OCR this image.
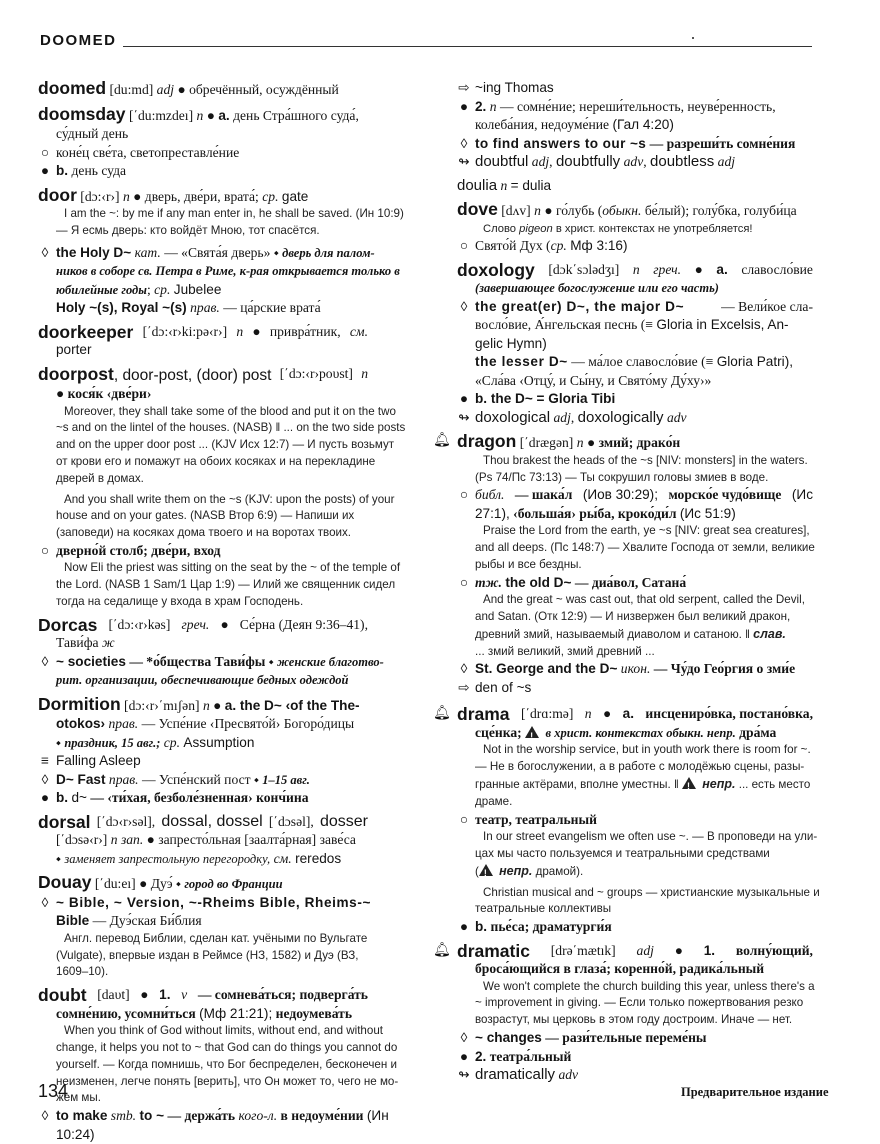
DOOMED
doomed [du:md] adj ● обречённый, осуждённый
doomsday [΄du:mzdeı] n ● a. день Стра́шного суда́,
су́дный день
○ коне́ц све́та, светопреставле́ние
● b. день суда
door [dɔ:‹r›] n ● дверь, две́ри, врата́; ср. gate
I am the ~: by me if any man enter in, he shall be saved. (Ин 10:9)
— Я есмь дверь: кто войдёт Мною, тот спасётся.
◊ the Holy D~ кат. — «Свята́я дверь» ⬩ дверь для палом-
ников в соборе св. Петра в Риме, к-рая открывается только в
юбилейные годы; ср. Jubelee
Holy ~(s), Royal ~(s) прав. — ца́рские врата́
doorkeeper [΄dɔ:‹r›ki:pə‹r›] n ● привра́тник, см.
porter
doorpost, door-post, (door) post [΄dɔ:‹r›poυst] n
● кося́к ‹две́ри›
Moreover, they shall take some of the blood and put it on the two
~s and on the lintel of the houses. (NASB) ‖ ... on the two side posts
and on the upper door post ... (KJV Исх 12:7) — И пусть возьмут
от крови его и помажут на обоих косяках и на перекладине
дверей в домах.
And you shall write them on the ~s (KJV: upon the posts) of your
house and on your gates. (NASB Втор 6:9) — Напиши их
(заповеди) на косяках дома твоего и на воротах твоих.
○ дверно́й столб; две́ри, вход
Now Eli the priest was sitting on the seat by the ~ of the temple of
the Lord. (NASB 1 Sam/1 Цар 1:9) — Илий же священник сидел
тогда на седалище у входа в храм Господень.
Dorcas [΄dɔ:‹r›kəs] греч. ● Се́рна (Деян 9:36–41),
Тави́фа ж
◊ ~ societies — *о́бщества Тави́фы ⬩ женские благотво-
рит. организации, обеспечивающие бедных одеждой
Dormition [dɔ:‹r›΄mıʃən] n ● a. the D~ ‹of the The-
otokos› прав. — Успе́ние ‹Пресвято́й› Богоро́дицы
⬩ праздник, 15 авг.; ср. Assumption
≡ Falling Asleep
◊ D~ Fast прав. — Успе́нский пост ⬩ 1–15 авг.
● b. d~ — ‹ти́хая, безболе́зненная› конч́ина
dorsal [΄dɔ‹r›sәl], dossal, dossel [΄dɔsәl], dosser
[΄dɔsə‹r›] n зап. ● запресто́льная [заалта́рная] заве́са
⬩ заменяет запрестольную перегородку, см. reredos
Douay [΄du:eı] ● Дуэ́ ⬩ город во Франции
◊ ~ Bible, ~ Version, ~-Rheims Bible, Rheims-~
Bible — Дуэ́ская Би́блия
Англ. перевод Библии, сделан кат. учёными по Вульгате
(Vulgate), впервые издан в Реймсе (НЗ, 1582) и Дуэ (ВЗ,
1609–10).
doubt [daυt] ● 1. v — сомнева́ться; подверга́ть
сомне́нию, усомни́ться (Мф 21:21); недоумева́ть
When you think of God without limits, without end, and without
change, it helps you not to ~ that God can do things you cannot do
yourself. — Когда помнишь, что Бог беспределен, бесконечен и
неизменен, легче понять [верить], что Он может то, чего не мо-
жем мы.
◊ to make smb. to ~ — держа́ть кого-л. в недоуме́нии (Ин
10:24)
⇨ ~ing Thomas
● 2. n — сомне́ние; нереши́тельность, неуве́ренность,
колеба́ния, недоуме́ние (Гал 4:20)
◊ to find answers to our ~s — разреши́ть сомне́ния
↬ doubtful adj, doubtfully adv, doubtless adj
doulia n = dulia
dove [dʌv] n ● го́лубь (обыкн. бе́лый); голу́бка, голуби́ца
Слово pigeon в христ. контекстах не употребляется!
○ Свято́й Дух (ср. Мф 3:16)
doxology [dɔk΄sɔlədʒı] n греч. ● a. славосло́вие
(завершающее богослужение или его часть)
◊ the great(er) D~, the major D~	— Вели́кое сла-
восло́вие, А́нгельская песнь (≡ Gloria in Excelsis, An-
gelic Hymn)
the lesser D~ — ма́лое славосло́вие (≡ Gloria Patri),
«Сла́ва ‹Отцу́, и Сы́ну, и Свято́му Ду́ху›»
● b. the D~ = Gloria Tibi
↬ doxological adj, doxologically adv
🔔︎ dragon [΄drægən] n ● змий; драко́н
Thou brakest the heads of the ~s [NIV: monsters] in the waters.
(Ps 74/Пс 73:13) — Ты сокрушил головы змиев в воде.
○ библ. — шака́л (Иов 30:29); морско́е чудо́вище (Ис
27:1), ‹больша́я› ры́ба, кроко́ди́л (Ис 51:9)
Praise the Lord from the earth, ye ~s [NIV: great sea creatures],
and all deeps. (Пс 148:7) — Хвалите Господа от земли, великие
рыбы и все бездны.
○ тж. the old D~ — диа́вол, Сатана́
And the great ~ was cast out, that old serpent, called the Devil,
and Satan. (Отк 12:9) — И низвержен был великий дракон,
древний змий, называемый диаволом и сатаною. ‖ слав.
... змий великий, змий древний ...
◊ St. George and the D~ икон. — Чу́до Гео́ргия о зми́е
⇨ den of ~s
🔔︎ drama [΄drɑ:mə] n ● a. инсцениро́вка, постано́вка,
сце́нка; ! в христ. контекстах обыкн. непр. дра́ма
Not in the worship service, but in youth work there is room for ~.
— Не в богослужении, а в работе с молодёжью сцены, разы-
гранные актёрами, вполне уместны. ‖ ! непр. ... есть место
драме.
○ театр, театральный
In our street evangelism we often use ~. — В проповеди на ули-
цах мы часто пользуемся и театральными средствами
( ! непр. драмой).
Christian musical and ~ groups — христианские музыкальные и
театральные коллективы
● b. пье́са; драматурги́я
🔔︎ dramatic [drə΄mætık] adj ● 1. волну́ющий,
броса́ющийся в глаза́; коренно́й, радика́льный
We won't complete the church building this year, unless there's a
~ improvement in giving. — Если только пожертвования резко
возрастут, мы церковь в этом году достроим. Иначе — нет.
◊ ~ changes — рази́тельные переме́ны
● 2. театра́льный
↬ dramatically adv
134	Предварительное издание
